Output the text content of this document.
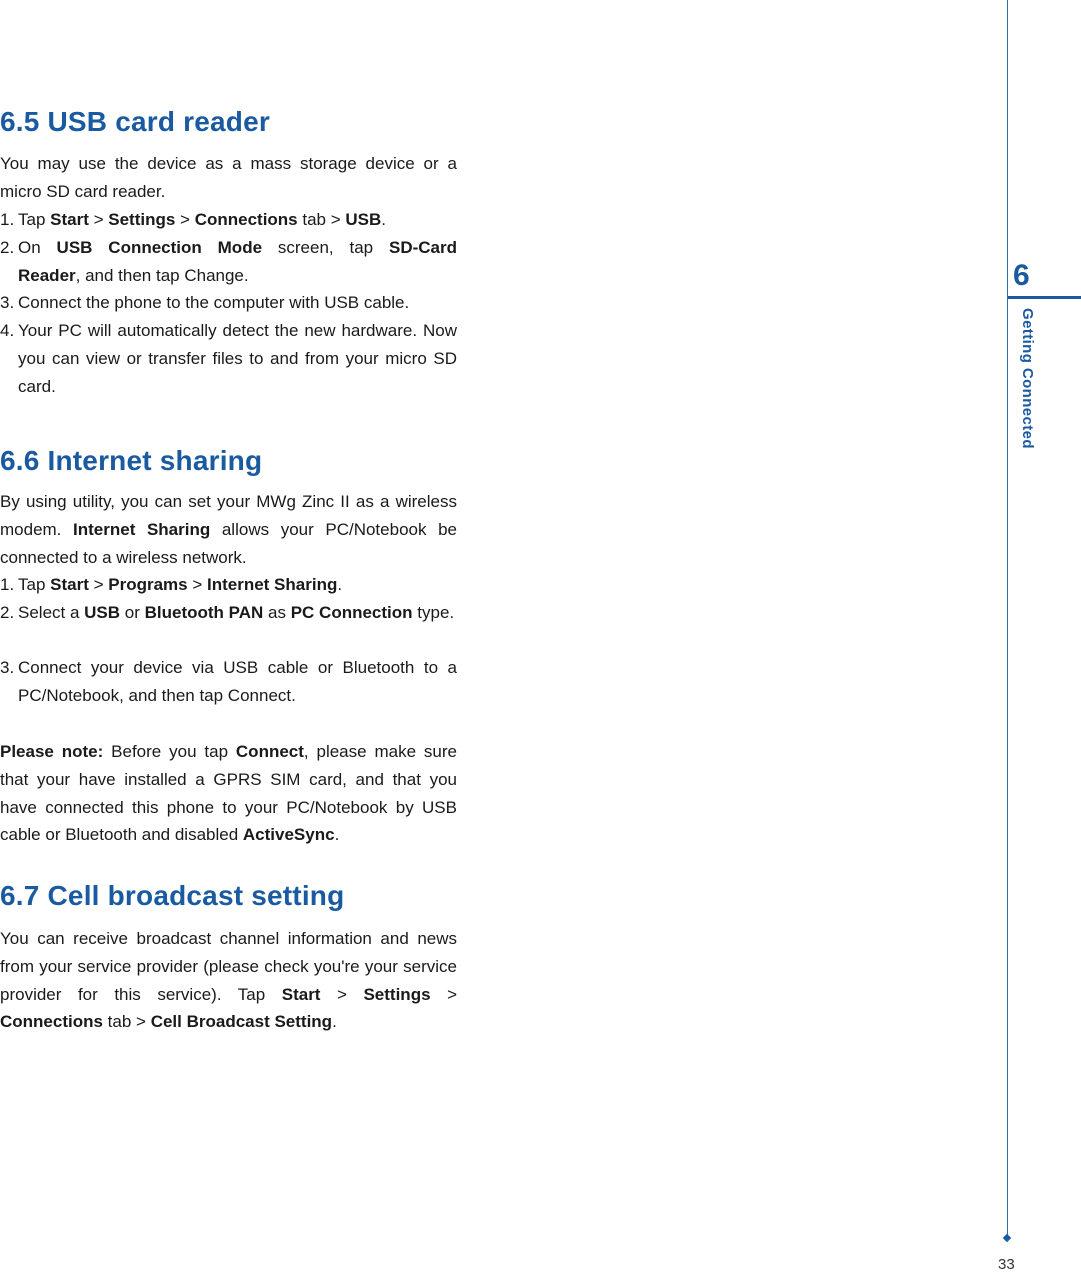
6.5 USB card reader

You may use the device as a mass storage device or a micro SD card reader.

1. Tap Start > Settings > Connections tab > USB.
2. On USB Connection Mode screen, tap SD-Card Reader, and then tap Change.
3. Connect the phone to the computer with USB cable.
4. Your PC will automatically detect the new hardware. Now you can view or transfer files to and from your micro SD card.
6.6 Internet sharing

By using utility, you can set your MWg Zinc II as a wireless modem. Internet Sharing allows your PC/Notebook be connected to a wireless network.

1. Tap Start > Programs > Internet Sharing.
2. Select a USB or Bluetooth PAN as PC Connection type.
3. Connect your device via USB cable or Bluetooth to a PC/Notebook, and then tap Connect.

Please note: Before you tap Connect, please make sure that your have installed a GPRS SIM card, and that you have connected this phone to your PC/Notebook by USB cable or Bluetooth and disabled ActiveSync.

6.7 Cell broadcast setting

You can receive broadcast channel information and news from your service provider (please check you're your service provider for this service). Tap Start > Settings > Connections tab > Cell Broadcast Setting.

6
Getting Connected
33
